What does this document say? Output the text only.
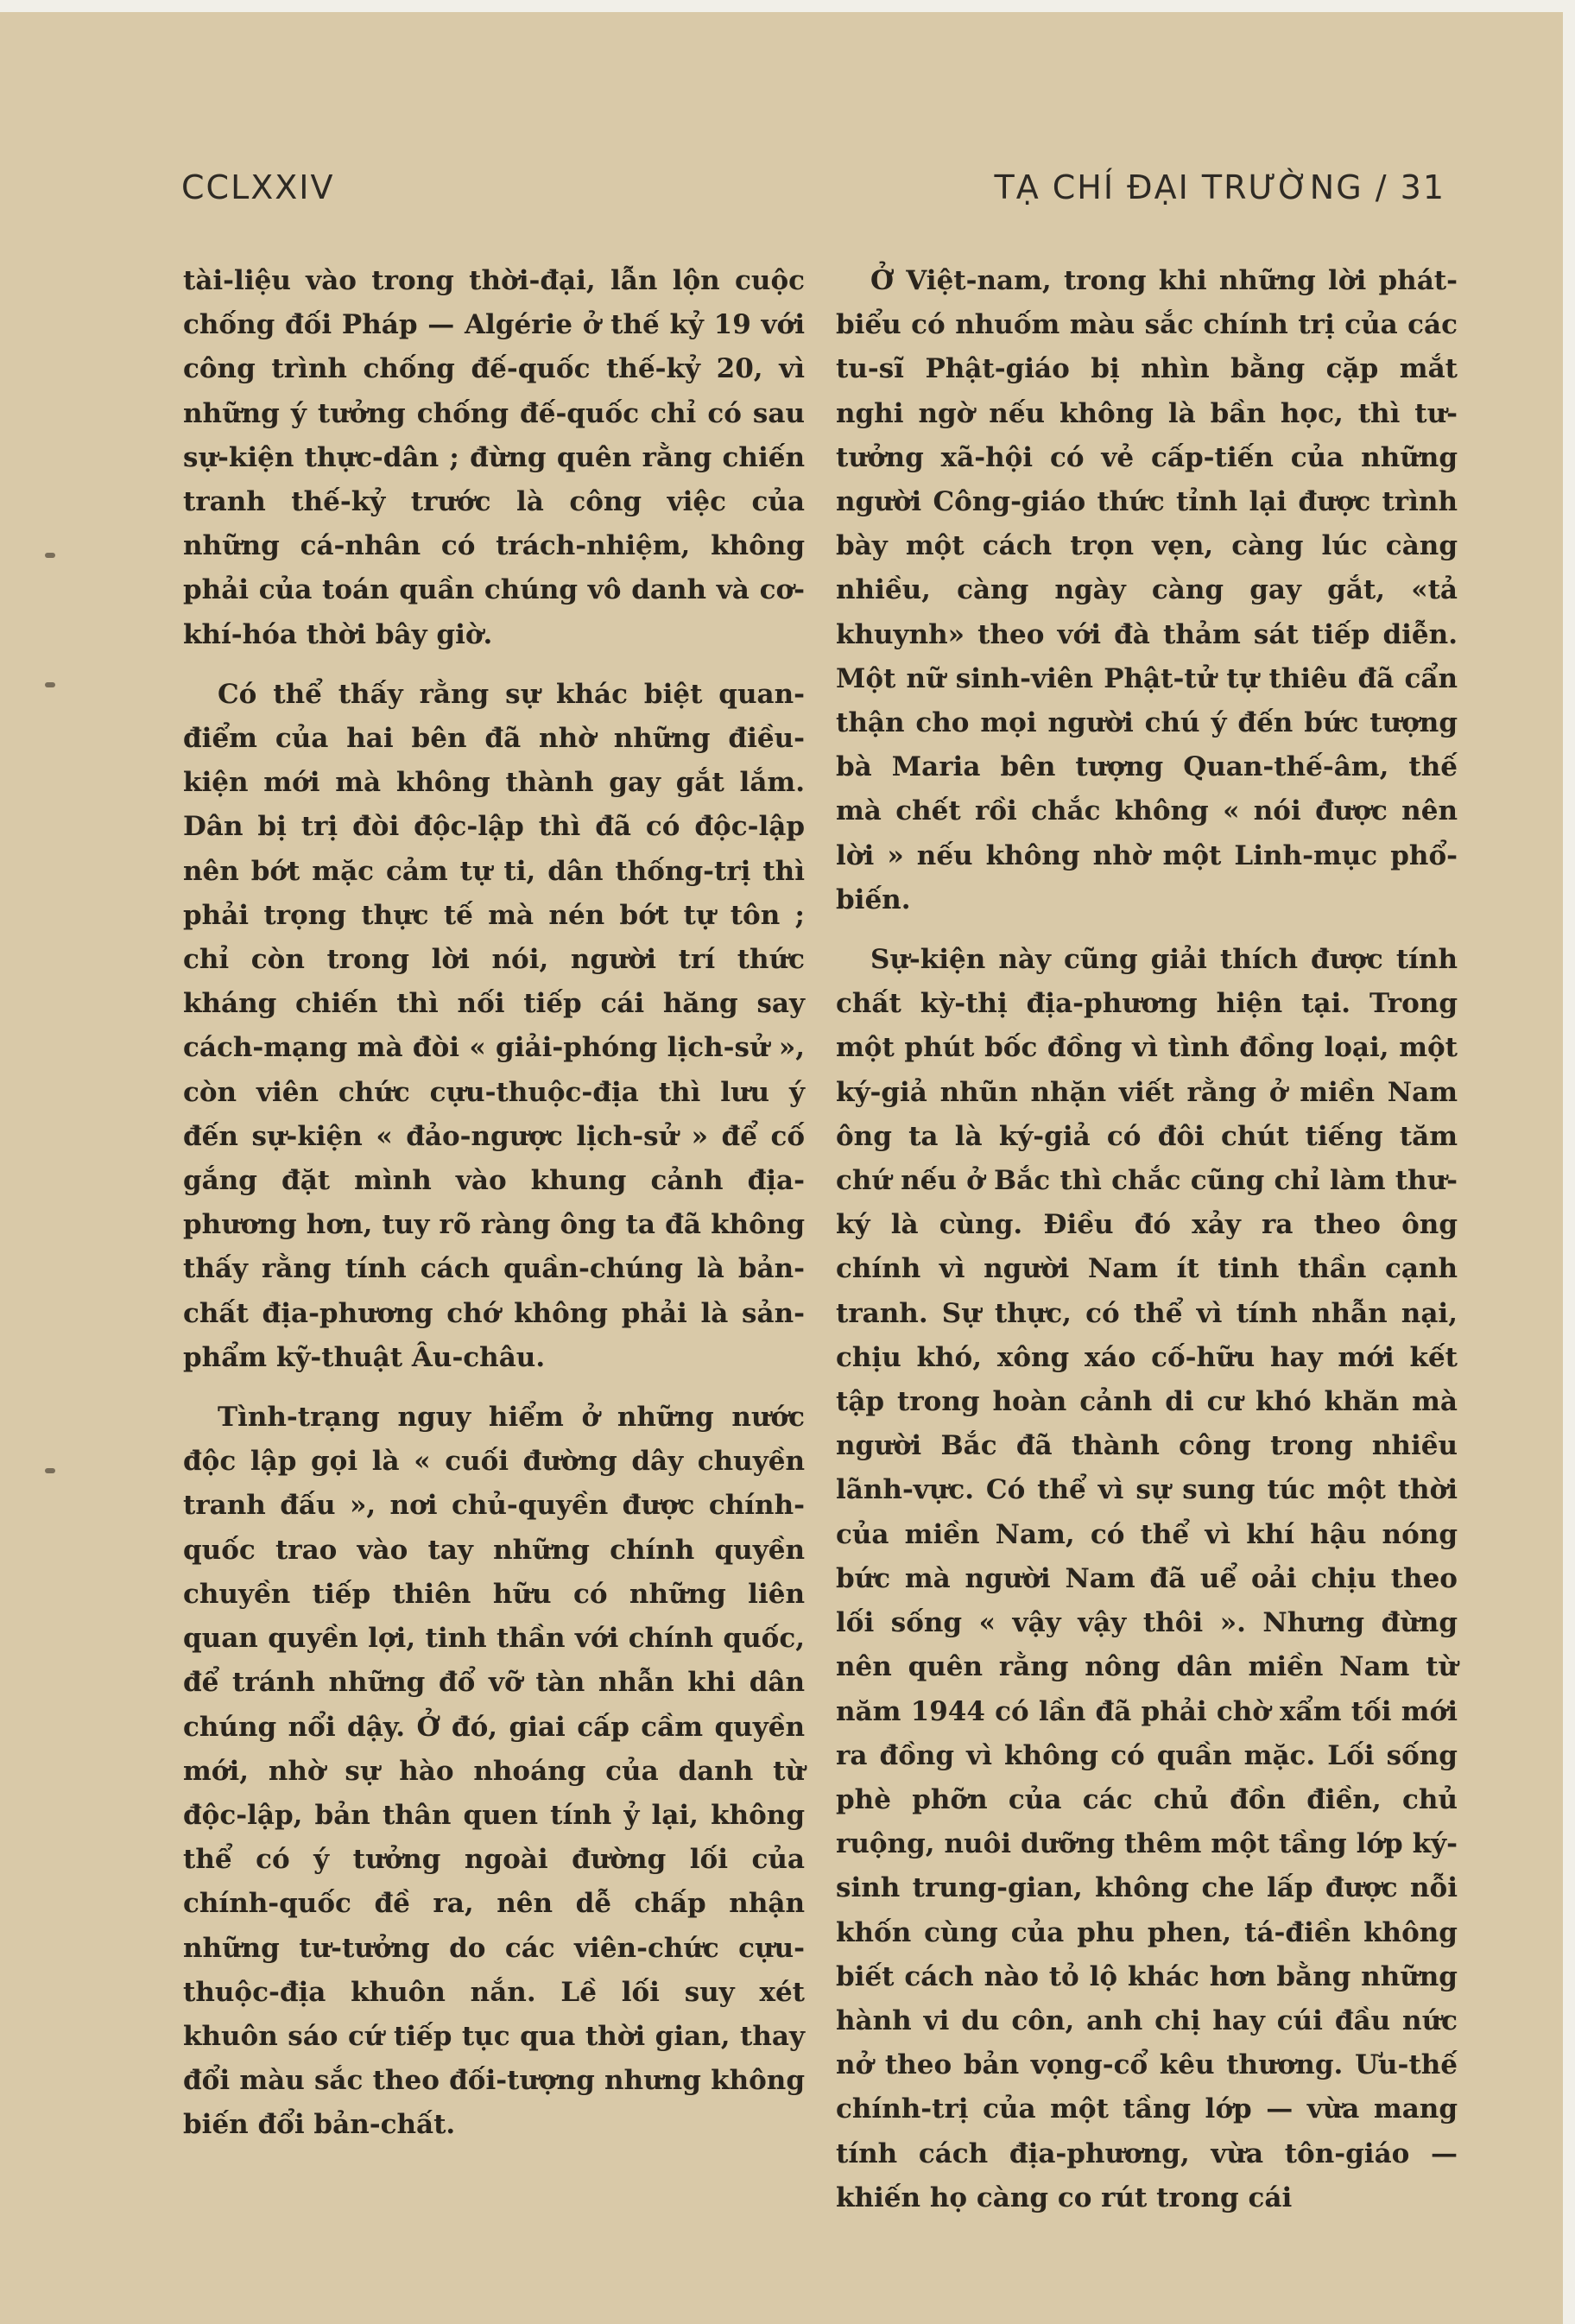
CCLXXIV	TẠ CHÍ ĐẠI TRƯỜNG / 31

tài-liệu vào trong thời-đại, lẫn lộn cuộc chống đối Pháp — Algérie ở thế kỷ 19 với công trình chống đế-quốc thế-kỷ 20, vì những ý tưởng chống đế-quốc chỉ có sau sự-kiện thực-dân ; đừng quên rằng chiến tranh thế-kỷ trước là công việc của những cá-nhân có trách-nhiệm, không phải của toán quần chúng vô danh và cơ-khí-hóa thời bây giờ.

Có thể thấy rằng sự khác biệt quan-điểm của hai bên đã nhờ những điều-kiện mới mà không thành gay gắt lắm. Dân bị trị đòi độc-lập thì đã có độc-lập nên bớt mặc cảm tự ti, dân thống-trị thì phải trọng thực tế mà nén bớt tự tôn ; chỉ còn trong lời nói, người trí thức kháng chiến thì nối tiếp cái hăng say cách-mạng mà đòi « giải-phóng lịch-sử », còn viên chức cựu-thuộc-địa thì lưu ý đến sự-kiện « đảo-ngược lịch-sử » để cố gắng đặt mình vào khung cảnh địa-phương hơn, tuy rõ ràng ông ta đã không thấy rằng tính cách quần-chúng là bản-chất địa-phương chớ không phải là sản-phẩm kỹ-thuật Âu-châu.

Tình-trạng nguy hiểm ở những nước độc lập gọi là « cuối đường dây chuyền tranh đấu », nơi chủ-quyền được chính-quốc trao vào tay những chính quyền chuyền tiếp thiên hữu có những liên quan quyền lợi, tinh thần với chính quốc, để tránh những đổ vỡ tàn nhẫn khi dân chúng nổi dậy. Ở đó, giai cấp cầm quyền mới, nhờ sự hào nhoáng của danh từ độc-lập, bản thân quen tính ỷ lại, không thể có ý tưởng ngoài đường lối của chính-quốc đề ra, nên dễ chấp nhận những tư-tưởng do các viên-chức cựu-thuộc-địa khuôn nắn. Lề lối suy xét khuôn sáo cứ tiếp tục qua thời gian, thay đổi màu sắc theo đối-tượng nhưng không biến đổi bản-chất.

Ở Việt-nam, trong khi những lời phát-biểu có nhuốm màu sắc chính trị của các tu-sĩ Phật-giáo bị nhìn bằng cặp mắt nghi ngờ nếu không là bần học, thì tư-tưởng xã-hội có vẻ cấp-tiến của những người Công-giáo thức tỉnh lại được trình bày một cách trọn vẹn, càng lúc càng nhiều, càng ngày càng gay gắt, «tả khuynh» theo với đà thảm sát tiếp diễn. Một nữ sinh-viên Phật-tử tự thiêu đã cẩn thận cho mọi người chú ý đến bức tượng bà Maria bên tượng Quan-thế-âm, thế mà chết rồi chắc không « nói được nên lời » nếu không nhờ một Linh-mục phổ-biến.

Sự-kiện này cũng giải thích được tính chất kỳ-thị địa-phương hiện tại. Trong một phút bốc đồng vì tình đồng loại, một ký-giả nhũn nhặn viết rằng ở miền Nam ông ta là ký-giả có đôi chút tiếng tăm chứ nếu ở Bắc thì chắc cũng chỉ làm thư-ký là cùng. Điều đó xảy ra theo ông chính vì người Nam ít tinh thần cạnh tranh. Sự thực, có thể vì tính nhẫn nại, chịu khó, xông xáo cố-hữu hay mới kết tập trong hoàn cảnh di cư khó khăn mà người Bắc đã thành công trong nhiều lãnh-vực. Có thể vì sự sung túc một thời của miền Nam, có thể vì khí hậu nóng bức mà người Nam đã uể oải chịu theo lối sống « vậy vậy thôi ». Nhưng đừng nên quên rằng nông dân miền Nam từ năm 1944 có lần đã phải chờ xẩm tối mới ra đồng vì không có quần mặc. Lối sống phè phỡn của các chủ đồn điền, chủ ruộng, nuôi dưỡng thêm một tầng lớp ký-sinh trung-gian, không che lấp được nỗi khốn cùng của phu phen, tá-điền không biết cách nào tỏ lộ khác hơn bằng những hành vi du côn, anh chị hay cúi đầu nức nở theo bản vọng-cổ kêu thương. Ưu-thế chính-trị của một tầng lớp — vừa mang tính cách địa-phương, vừa tôn-giáo — khiến họ càng co rút trong cái
